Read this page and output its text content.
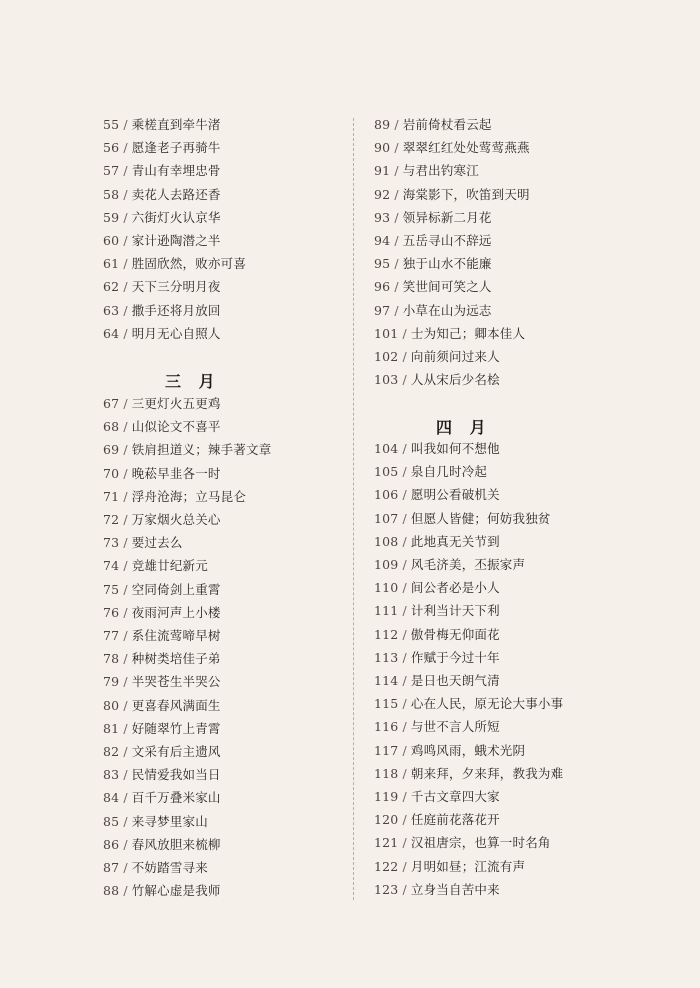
三 月
55 / 乘槎直到牵牛渚
56 / 愿逢老子再骑牛
57 / 青山有幸埋忠骨
58 / 卖花人去路还香
59 / 六街灯火认京华
60 / 家计逊陶潜之半
61 / 胜固欣然，败亦可喜
62 / 天下三分明月夜
63 / 撒手还将月放回
64 / 明月无心自照人
67 / 三更灯火五更鸡
68 / 山似论文不喜平
69 / 铁肩担道义；辣手著文章
70 / 晚菘早韭各一时
71 / 浮舟沧海；立马昆仑
72 / 万家烟火总关心
73 / 要过去么
74 / 竞雄廿纪新元
75 / 空同倚剑上重霄
76 / 夜雨河声上小楼
77 / 系住流莺啼早树
78 / 种树类培佳子弟
79 / 半哭苍生半哭公
80 / 更喜春风满面生
81 / 好随翠竹上青霄
82 / 文采有后主遗风
83 / 民情爱我如当日
84 / 百千万叠米家山
85 / 来寻梦里家山
86 / 春风放胆来梳柳
87 / 不妨踏雪寻来
88 / 竹解心虚是我师
四 月
89 / 岩前倚杖看云起
90 / 翠翠红红处处莺莺燕燕
91 / 与君出钓寒江
92 / 海棠影下，吹笛到天明
93 / 领异标新二月花
94 / 五岳寻山不辞远
95 / 独于山水不能廉
96 / 笑世间可笑之人
97 / 小草在山为远志
101 / 士为知己；卿本佳人
102 / 向前须问过来人
103 / 人从宋后少名桧
104 / 叫我如何不想他
105 / 泉自几时冷起
106 / 愿明公看破机关
107 / 但愿人皆健；何妨我独贫
108 / 此地真无关节到
109 / 风毛济美，丕振家声
110 / 间公者必是小人
111 / 计利当计天下利
112 / 傲骨梅无仰面花
113 / 作赋于今过十年
114 / 是日也天朗气清
115 / 心在人民，原无论大事小事
116 / 与世不言人所短
117 / 鸡鸣风雨，蛾术光阴
118 / 朝来拜，夕来拜，教我为难
119 / 千古文章四大家
120 / 任庭前花落花开
121 / 汉祖唐宗，也算一时名角
122 / 月明如昼；江流有声
123 / 立身当自苦中来
